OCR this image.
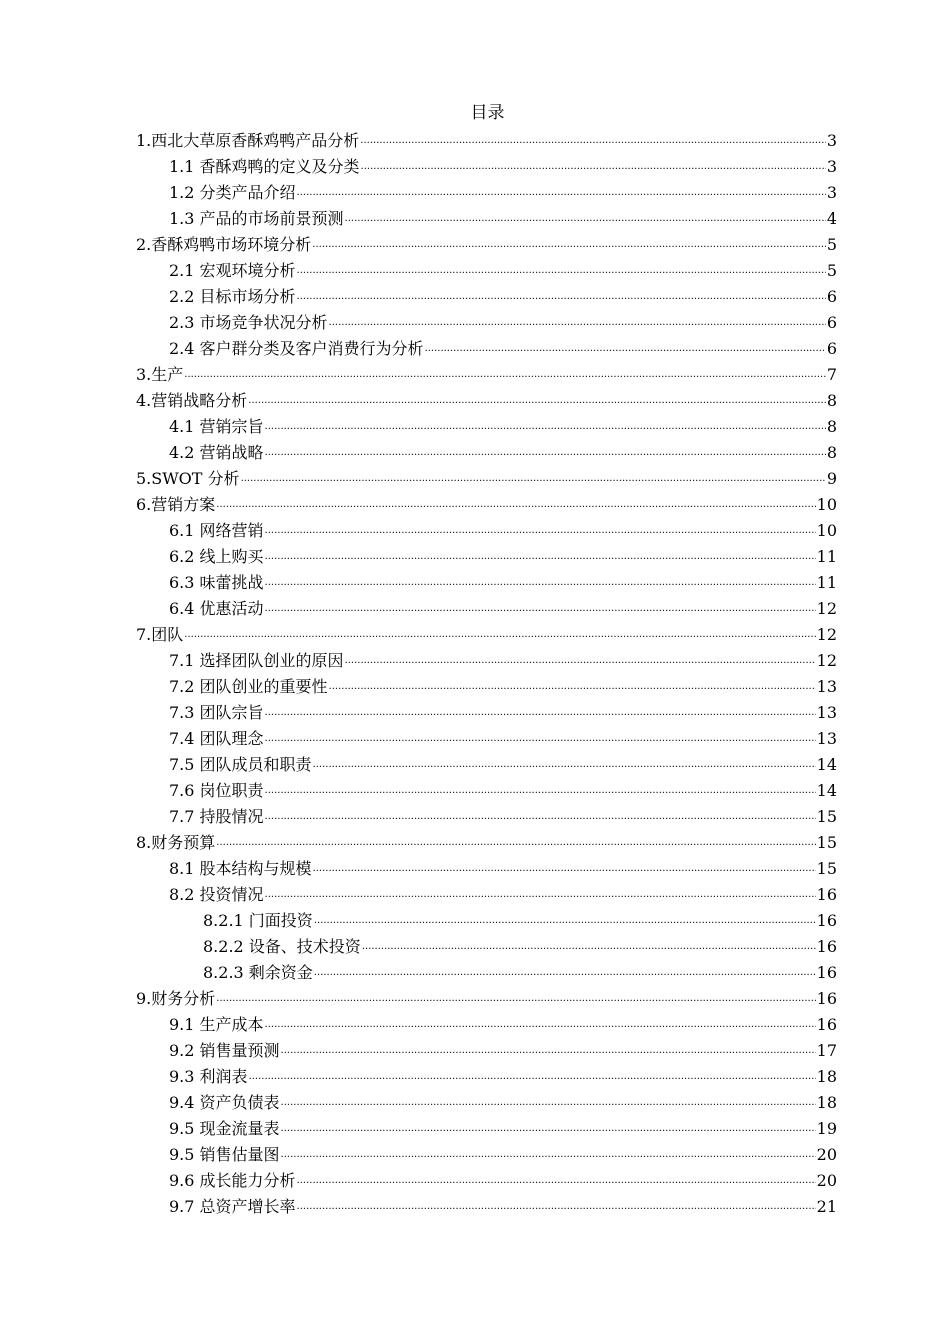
目录
1.西北大草原香酥鸡鸭产品分析 .....	3
1.1 香酥鸡鸭的定义及分类 .....	3
1.2 分类产品介绍 .....	3
1.3 产品的市场前景预测 .....	4
2.香酥鸡鸭市场环境分析 .....	5
2.1 宏观环境分析 .....	5
2.2 目标市场分析 .....	6
2.3 市场竞争状况分析 .....	6
2.4 客户群分类及客户消费行为分析 .....	6
3.生产 .....	7
4.营销战略分析 .....	8
4.1 营销宗旨 .....	8
4.2 营销战略 .....	8
5.SWOT 分析 .....	9
6.营销方案 .....	10
6.1 网络营销 .....	10
6.2 线上购买 .....	11
6.3 味蕾挑战 .....	11
6.4 优惠活动 .....	12
7.团队 .....	12
7.1 选择团队创业的原因 .....	12
7.2 团队创业的重要性 .....	13
7.3 团队宗旨 .....	13
7.4 团队理念 .....	13
7.5 团队成员和职责 .....	14
7.6 岗位职责 .....	14
7.7 持股情况 .....	15
8.财务预算 .....	15
8.1 股本结构与规模 .....	15
8.2 投资情况 .....	16
8.2.1 门面投资 .....	16
8.2.2 设备、技术投资 .....	16
8.2.3 剩余资金 .....	16
9.财务分析 .....	16
9.1 生产成本 .....	16
9.2 销售量预测 .....	17
9.3 利润表 .....	18
9.4 资产负债表 .....	18
9.5 现金流量表 .....	19
9.5 销售估量图 .....	20
9.6 成长能力分析 .....	20
9.7 总资产增长率 .....	21
